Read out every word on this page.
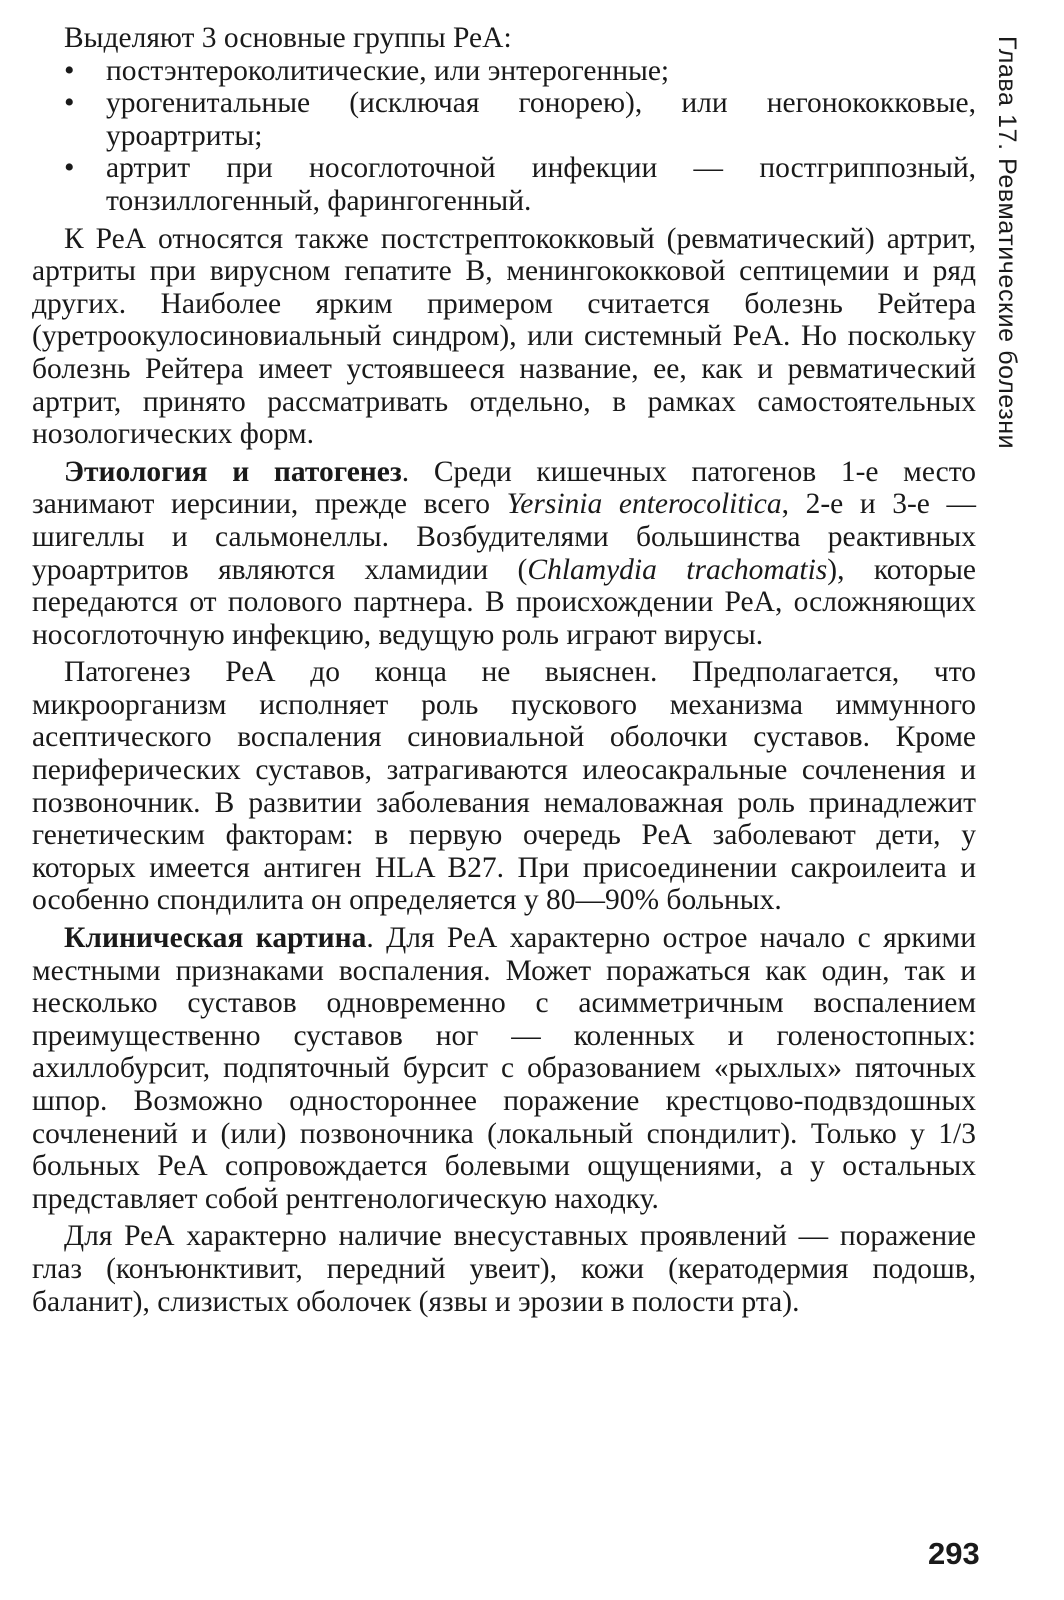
Выделяют 3 основные группы РеА:

• постэнтероколитические, или энтерогенные;
• урогенитальные (исключая гонорею), или негонококковые, уроартриты;
• артрит при носоглоточной инфекции — постгриппозный, тонзиллогенный, фарингогенный.

К РеА относятся также постстрептококковый (ревматический) артрит, артриты при вирусном гепатите В, менингококковой септицемии и ряд других. Наиболее ярким примером считается болезнь Рейтера (уретроокулосиновиальный синдром), или системный РеА. Но поскольку болезнь Рейтера имеет устоявшееся название, ее, как и ревматический артрит, принято рассматривать отдельно, в рамках самостоятельных нозологических форм.

Этиология и патогенез. Среди кишечных патогенов 1-е место занимают иерсинии, прежде всего Yersinia enterocolitica, 2-е и 3-е — шигеллы и сальмонеллы. Возбудителями большинства реактивных уроартритов являются хламидии (Chlamydia trachomatis), которые передаются от полового партнера. В происхождении РеА, осложняющих носоглоточную инфекцию, ведущую роль играют вирусы.

Патогенез РеА до конца не выяснен. Предполагается, что микроорганизм исполняет роль пускового механизма иммунного асептического воспаления синовиальной оболочки суставов. Кроме периферических суставов, затрагиваются илеосакральные сочленения и позвоночник. В развитии заболевания немаловажная роль принадлежит генетическим факторам: в первую очередь РеА заболевают дети, у которых имеется антиген HLA B27. При присоединении сакроилеита и особенно спондилита он определяется у 80—90% больных.

Клиническая картина. Для РеА характерно острое начало с яркими местными признаками воспаления. Может поражаться как один, так и несколько суставов одновременно с асимметричным воспалением преимущественно суставов ног — коленных и голеностопных: ахиллобурсит, подпяточный бурсит с образованием «рыхлых» пяточных шпор. Возможно одностороннее поражение крестцово-подвздошных сочленений и (или) позвоночника (локальный спондилит). Только у 1/3 больных РеА сопровождается болевыми ощущениями, а у остальных представляет собой рентгенологическую находку.

Для РеА характерно наличие внесуставных проявлений — поражение глаз (конъюнктивит, передний увеит), кожи (кератодермия подошв, баланит), слизистых оболочек (язвы и эрозии в полости рта).

Глава 17. Ревматические болезни
293
